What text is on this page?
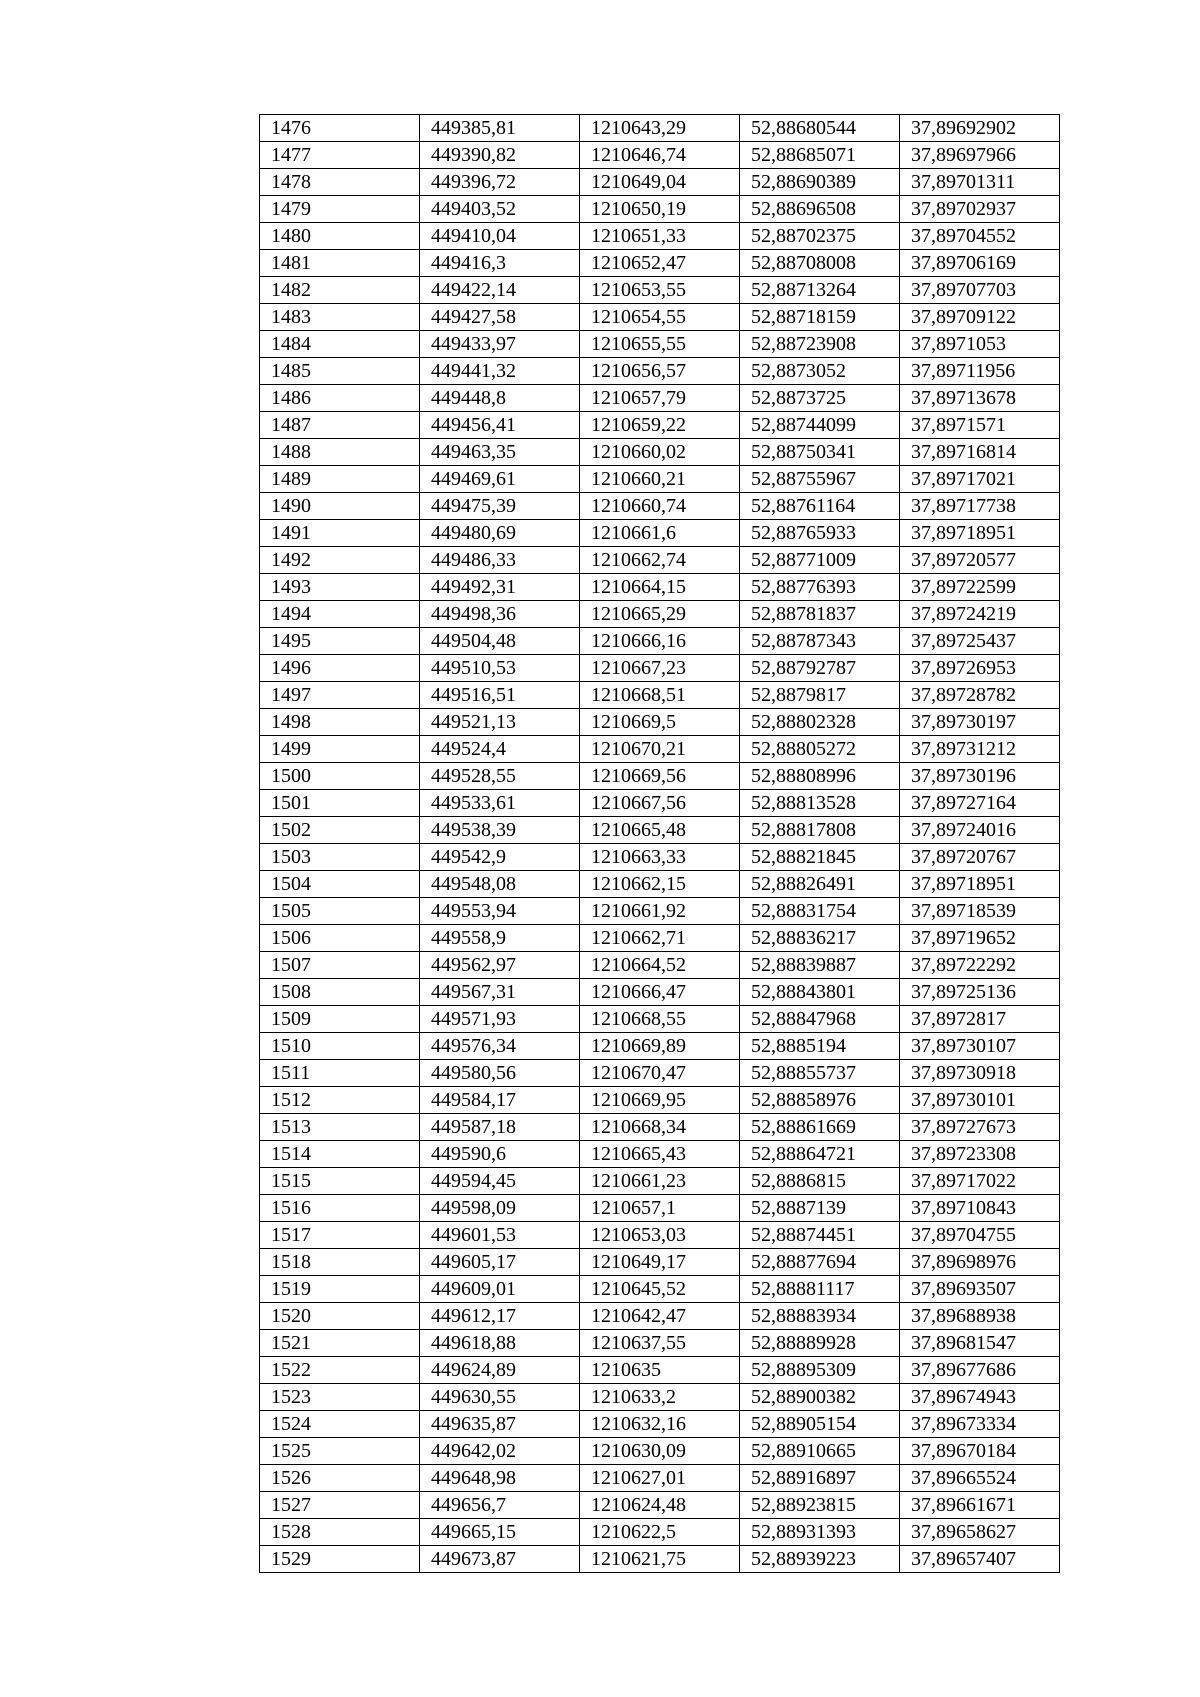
1476	449385,81	1210643,29	52,88680544	37,89692902
1477	449390,82	1210646,74	52,88685071	37,89697966
1478	449396,72	1210649,04	52,88690389	37,89701311
1479	449403,52	1210650,19	52,88696508	37,89702937
1480	449410,04	1210651,33	52,88702375	37,89704552
1481	449416,3	1210652,47	52,88708008	37,89706169
1482	449422,14	1210653,55	52,88713264	37,89707703
1483	449427,58	1210654,55	52,88718159	37,89709122
1484	449433,97	1210655,55	52,88723908	37,8971053
1485	449441,32	1210656,57	52,8873052	37,89711956
1486	449448,8	1210657,79	52,8873725	37,89713678
1487	449456,41	1210659,22	52,88744099	37,8971571
1488	449463,35	1210660,02	52,88750341	37,89716814
1489	449469,61	1210660,21	52,88755967	37,89717021
1490	449475,39	1210660,74	52,88761164	37,89717738
1491	449480,69	1210661,6	52,88765933	37,89718951
1492	449486,33	1210662,74	52,88771009	37,89720577
1493	449492,31	1210664,15	52,88776393	37,89722599
1494	449498,36	1210665,29	52,88781837	37,89724219
1495	449504,48	1210666,16	52,88787343	37,89725437
1496	449510,53	1210667,23	52,88792787	37,89726953
1497	449516,51	1210668,51	52,8879817	37,89728782
1498	449521,13	1210669,5	52,88802328	37,89730197
1499	449524,4	1210670,21	52,88805272	37,89731212
1500	449528,55	1210669,56	52,88808996	37,89730196
1501	449533,61	1210667,56	52,88813528	37,89727164
1502	449538,39	1210665,48	52,88817808	37,89724016
1503	449542,9	1210663,33	52,88821845	37,89720767
1504	449548,08	1210662,15	52,88826491	37,89718951
1505	449553,94	1210661,92	52,88831754	37,89718539
1506	449558,9	1210662,71	52,88836217	37,89719652
1507	449562,97	1210664,52	52,88839887	37,89722292
1508	449567,31	1210666,47	52,88843801	37,89725136
1509	449571,93	1210668,55	52,88847968	37,8972817
1510	449576,34	1210669,89	52,8885194	37,89730107
1511	449580,56	1210670,47	52,88855737	37,89730918
1512	449584,17	1210669,95	52,88858976	37,89730101
1513	449587,18	1210668,34	52,88861669	37,89727673
1514	449590,6	1210665,43	52,88864721	37,89723308
1515	449594,45	1210661,23	52,8886815	37,89717022
1516	449598,09	1210657,1	52,8887139	37,89710843
1517	449601,53	1210653,03	52,88874451	37,89704755
1518	449605,17	1210649,17	52,88877694	37,89698976
1519	449609,01	1210645,52	52,88881117	37,89693507
1520	449612,17	1210642,47	52,88883934	37,89688938
1521	449618,88	1210637,55	52,88889928	37,89681547
1522	449624,89	1210635	52,88895309	37,89677686
1523	449630,55	1210633,2	52,88900382	37,89674943
1524	449635,87	1210632,16	52,88905154	37,89673334
1525	449642,02	1210630,09	52,88910665	37,89670184
1526	449648,98	1210627,01	52,88916897	37,89665524
1527	449656,7	1210624,48	52,88923815	37,89661671
1528	449665,15	1210622,5	52,88931393	37,89658627
1529	449673,87	1210621,75	52,88939223	37,89657407
